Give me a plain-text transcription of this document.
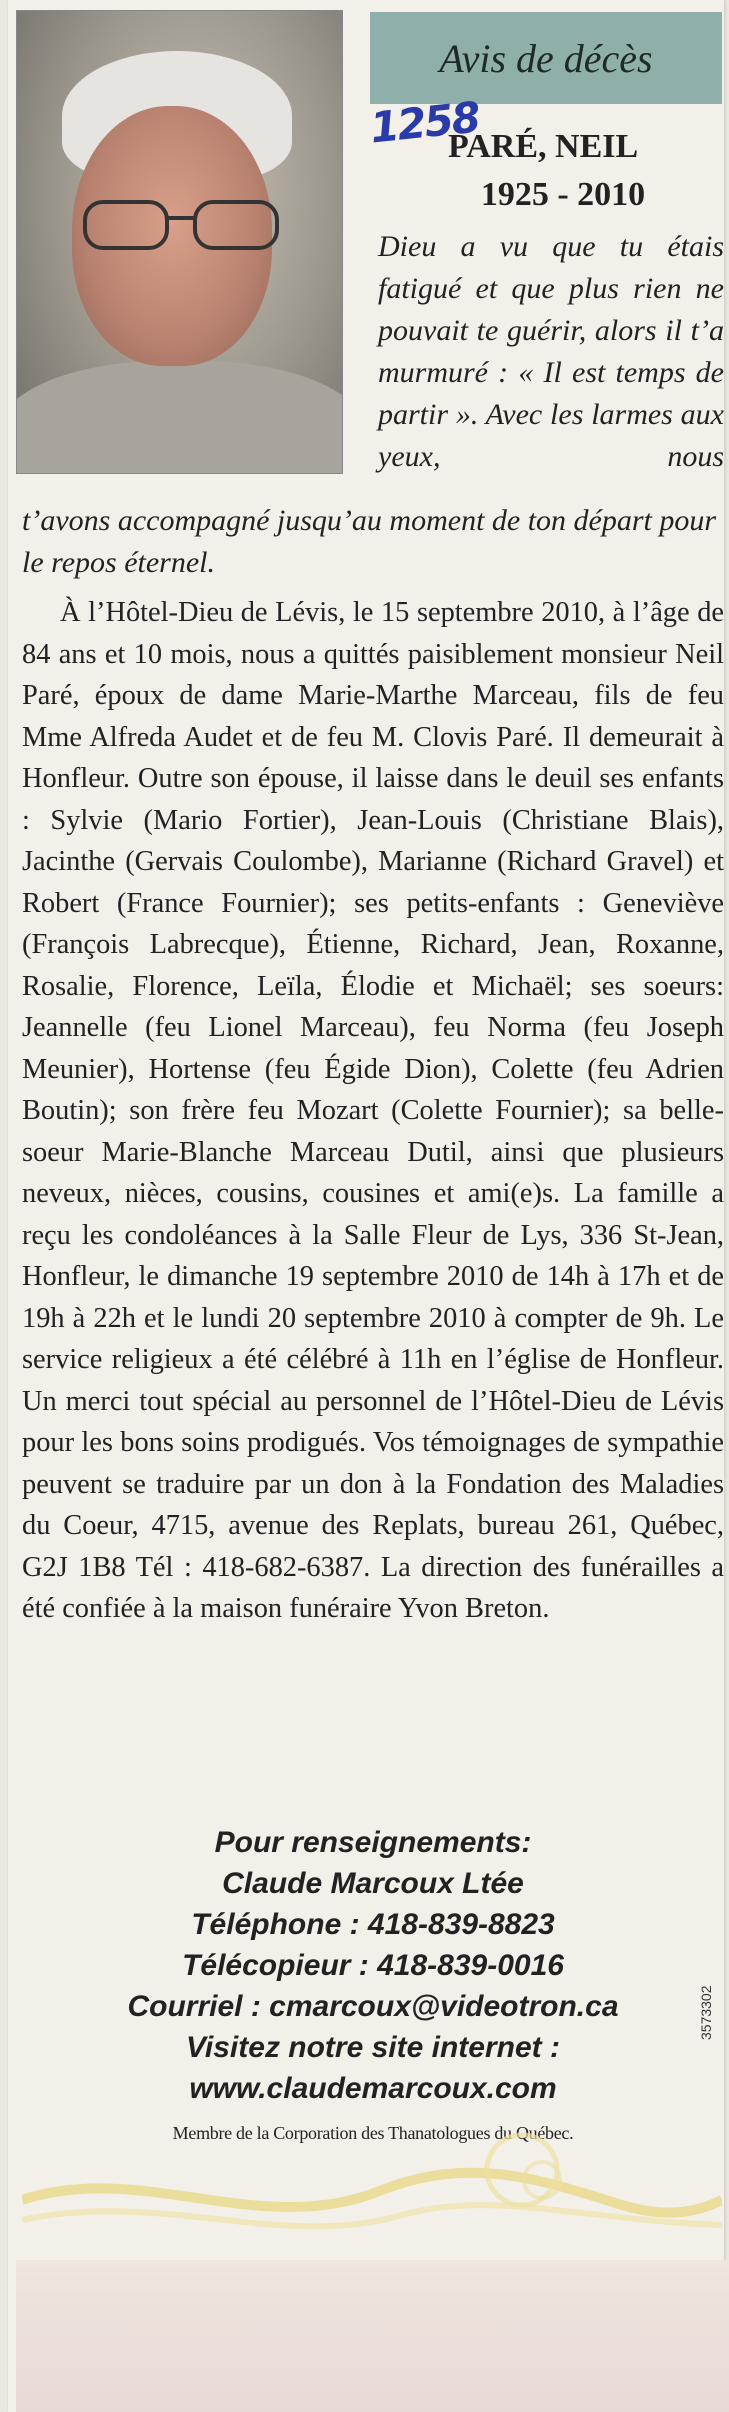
Avis de décès
1258
PARÉ, NEIL
1925 - 2010
Dieu a vu que tu étais fatigué et que plus rien ne pouvait te guérir, alors il t’a murmuré : « Il est temps de partir ». Avec les larmes aux yeux, nous
t’avons accompagné jusqu’au moment de ton départ pour le repos éternel.
À l’Hôtel-Dieu de Lévis, le 15 septembre 2010, à l’âge de 84 ans et 10 mois, nous a quittés paisiblement monsieur Neil Paré, époux de dame Marie-Marthe Marceau, fils de feu Mme Alfreda Audet et de feu M. Clovis Paré. Il demeurait à Honfleur. Outre son épouse, il laisse dans le deuil ses enfants : Sylvie (Mario Fortier), Jean-Louis (Christiane Blais), Jacinthe (Gervais Coulombe), Marianne (Richard Gravel) et Robert (France Fournier); ses petits-enfants : Geneviève (François Labrecque), Étienne, Richard, Jean, Roxanne, Rosalie, Florence, Leïla, Élodie et Michaël; ses soeurs: Jeannelle (feu Lionel Marceau), feu Norma (feu Joseph Meunier), Hortense (feu Égide Dion), Colette (feu Adrien Boutin); son frère feu Mozart (Colette Fournier); sa belle-soeur Marie-Blanche Marceau Dutil, ainsi que plusieurs neveux, nièces, cousins, cousines et ami(e)s. La famille a reçu les condoléances à la Salle Fleur de Lys, 336 St-Jean, Honfleur, le dimanche 19 septembre 2010 de 14h à 17h et de 19h à 22h et le lundi 20 septembre 2010 à compter de 9h. Le service religieux a été célébré à 11h en l’église de Honfleur. Un merci tout spécial au personnel de l’Hôtel-Dieu de Lévis pour les bons soins prodigués. Vos témoignages de sympathie peuvent se traduire par un don à la Fondation des Maladies du Coeur, 4715, avenue des Replats, bureau 261, Québec, G2J 1B8 Tél : 418-682-6387. La direction des funérailles a été confiée à la maison funéraire Yvon Breton.
Pour renseignements:
Claude Marcoux Ltée
Téléphone : 418-839-8823
Télécopieur : 418-839-0016
Courriel : cmarcoux@videotron.ca
Visitez notre site internet :
www.claudemarcoux.com
Membre de la Corporation des Thanatologues du Québec.
3573302
